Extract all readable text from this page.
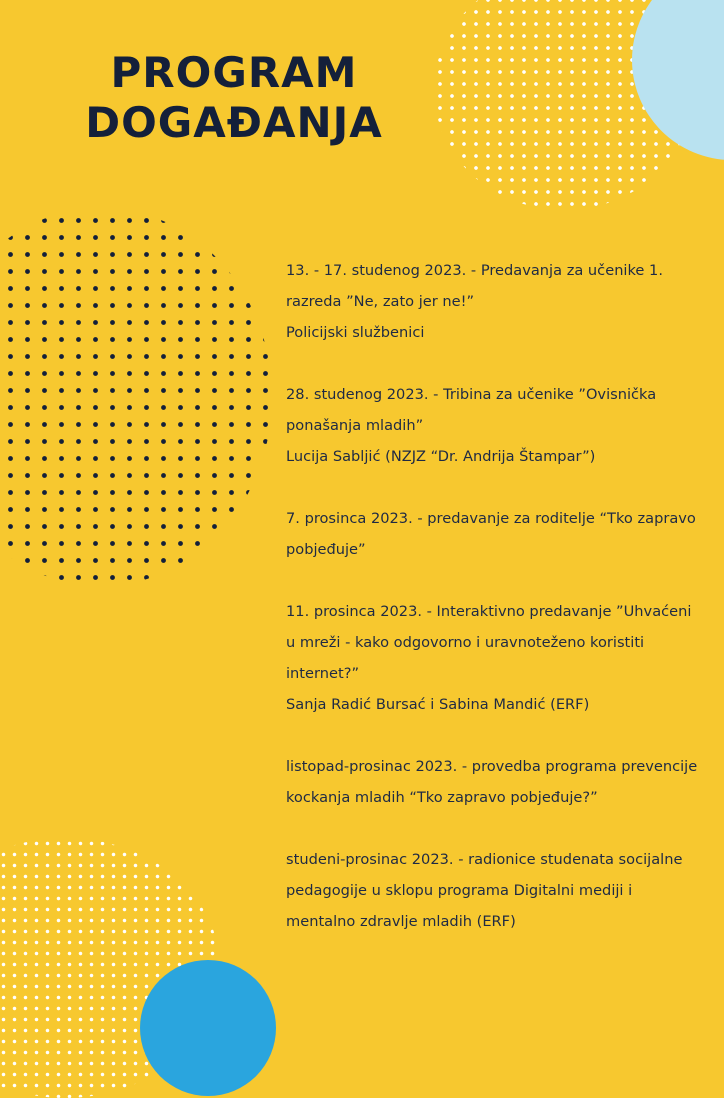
PROGRAM
DOGAĐANJA

13. - 17. studenog 2023. - Predavanja za učenike 1. razreda ”Ne, zato jer ne!”

Policijski službenici

28. studenog 2023. - Tribina za učenike ”Ovisnička ponašanja mladih”

Lucija Sabljić (NZJZ “Dr. Andrija Štampar”)

7. prosinca 2023. - predavanje za roditelje “Tko zapravo pobjeđuje”

11. prosinca 2023. - Interaktivno predavanje ”Uhvaćeni u mreži - kako odgovorno i uravnoteženo koristiti internet?”

Sanja Radić Bursać i Sabina Mandić (ERF)

listopad-prosinac 2023. - provedba programa prevencije kockanja mladih “Tko zapravo pobjeđuje?”

studeni-prosinac 2023. - radionice studenata socijalne pedagogije u sklopu programa Digitalni mediji i mentalno zdravlje mladih (ERF)
